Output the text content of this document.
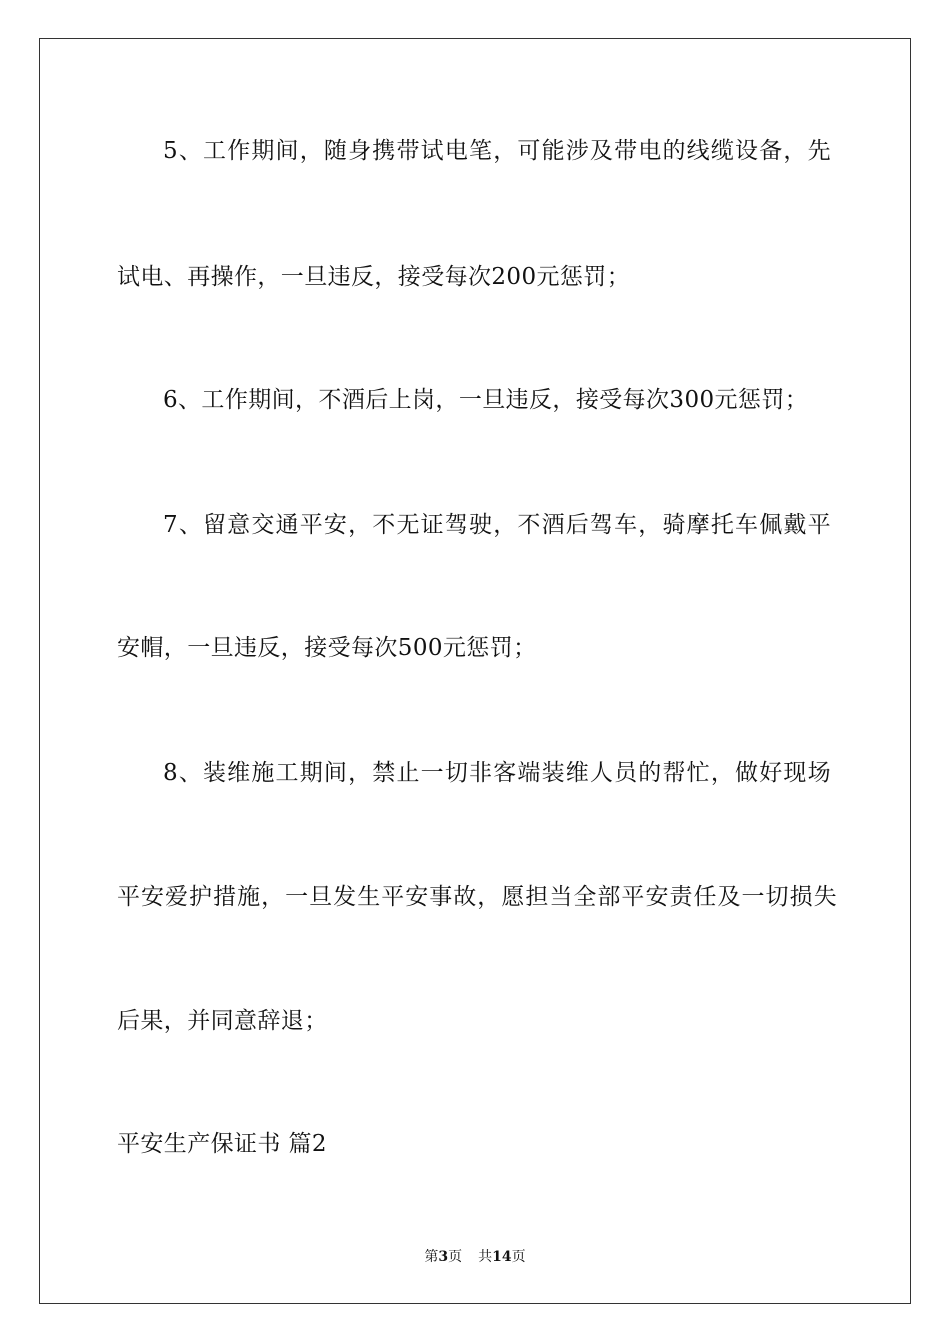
5、工作期间，随身携带试电笔，可能涉及带电的线缆设备，先
试电、再操作，一旦违反，接受每次200元惩罚；
6、工作期间，不酒后上岗，一旦违反，接受每次300元惩罚；
7、留意交通平安，不无证驾驶，不酒后驾车，骑摩托车佩戴平
安帽，一旦违反，接受每次500元惩罚；
8、装维施工期间，禁止一切非客端装维人员的帮忙，做好现场
平安爱护措施，一旦发生平安事故，愿担当全部平安责任及一切损失
后果，并同意辞退；
平安生产保证书 篇2
第3页 共14页
